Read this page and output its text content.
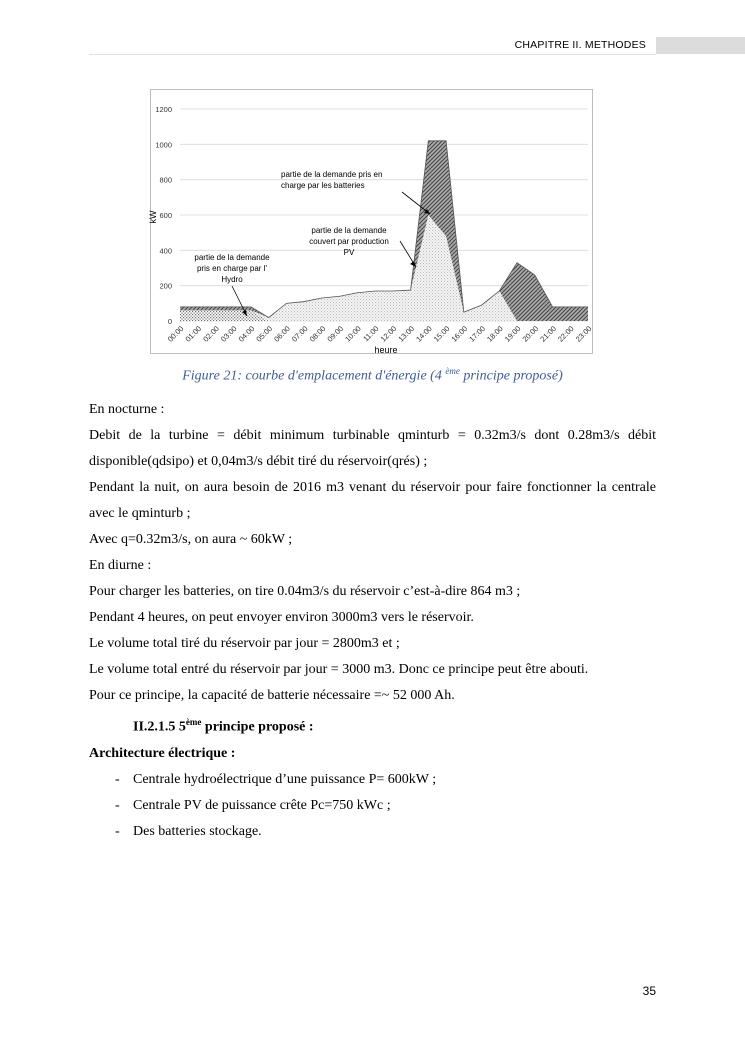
CHAPITRE II. METHODES
0
200
400
600
800
1000
1200
00:00
01:00
02:00
03:00
04:00
05:00
06:00
07:00
08:00
09:00
10:00
11:00
12:00
13:00
14:00
15:00
16:00
17:00
18:00
19:00
20:00
21:00
22:00
23:00
kW
heure
partie de la demande pris en
charge par les batteries
partie de la demande
couvert par production
PV
partie de la demande
pris en charge par l'
Hydro
Figure 21: courbe d'emplacement d'énergie (4 $^{ème}$ principe proposé)

En nocturne :

Debit de la turbine = débit minimum turbinable qminturb = 0.32m3/s dont 0.28m3/s débit

disponible(qdsipo) et 0,04m3/s débit tiré du réservoir(qrés) ;

Pendant la nuit, on aura besoin de 2016 m3 venant du réservoir pour faire fonctionner la centrale

avec le qminturb ;

Avec q=0.32m3/s, on aura ~ 60kW ;

En diurne :

Pour charger les batteries, on tire 0.04m3/s du réservoir c’est-à-dire 864 m3 ;

Pendant 4 heures, on peut envoyer environ 3000m3 vers le réservoir.

Le volume total tiré du réservoir par jour = 2800m3 et ;

Le volume total entré du réservoir par jour = 3000 m3. Donc ce principe peut être abouti.

Pour ce principe, la capacité de batterie nécessaire =~ 52 000 Ah.

II.2.1.5 5ème principe proposé :

Architecture électrique :

- Centrale hydroélectrique d’une puissance P= 600kW ;
- Centrale PV de puissance crête Pc=750 kWc ;
- Des batteries stockage.
35
